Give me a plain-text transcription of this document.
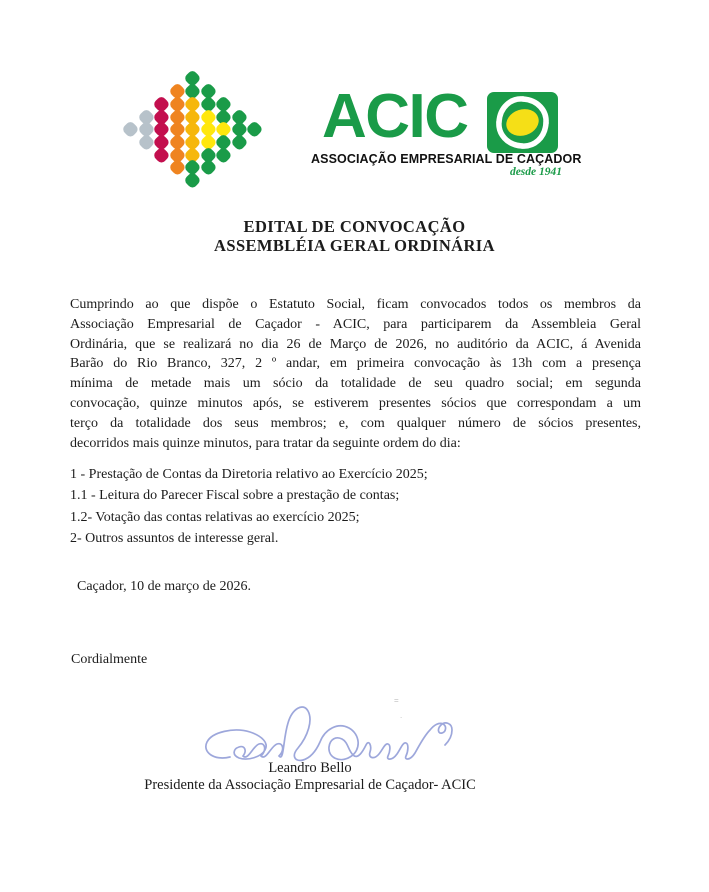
ACIC
ASSOCIAÇÃO EMPRESARIAL DE CAÇADOR
desde 1941
EDITAL DE CONVOCAÇÃO
ASSEMBLÉIA GERAL ORDINÁRIA
Cumprindo ao que dispõe o Estatuto Social, ficam convocados todos os membros da
Associação Empresarial de Caçador - ACIC, para participarem da Assembleia Geral
Ordinária, que se realizará no dia 26 de Março de 2026, no auditório da ACIC, á Avenida
Barão do Rio Branco, 327, 2 º andar, em primeira convocação às 13h com a presença
mínima de metade mais um sócio da totalidade de seu quadro social; em segunda
convocação, quinze minutos após, se estiverem presentes sócios que correspondam a um
terço da totalidade dos seus membros; e, com qualquer número de sócios presentes,
decorridos mais quinze minutos, para tratar da seguinte ordem do dia:
1 - Prestação de Contas da Diretoria relativo ao Exercício 2025;
1.1 - Leitura do Parecer Fiscal sobre a prestação de contas;
1.2- Votação das contas relativas ao exercício 2025;
2- Outros assuntos de interesse geral.
Caçador, 10 de março de 2026.
Cordialmente
=
.
Leandro Bello
Presidente da Associação Empresarial de Caçador- ACIC
